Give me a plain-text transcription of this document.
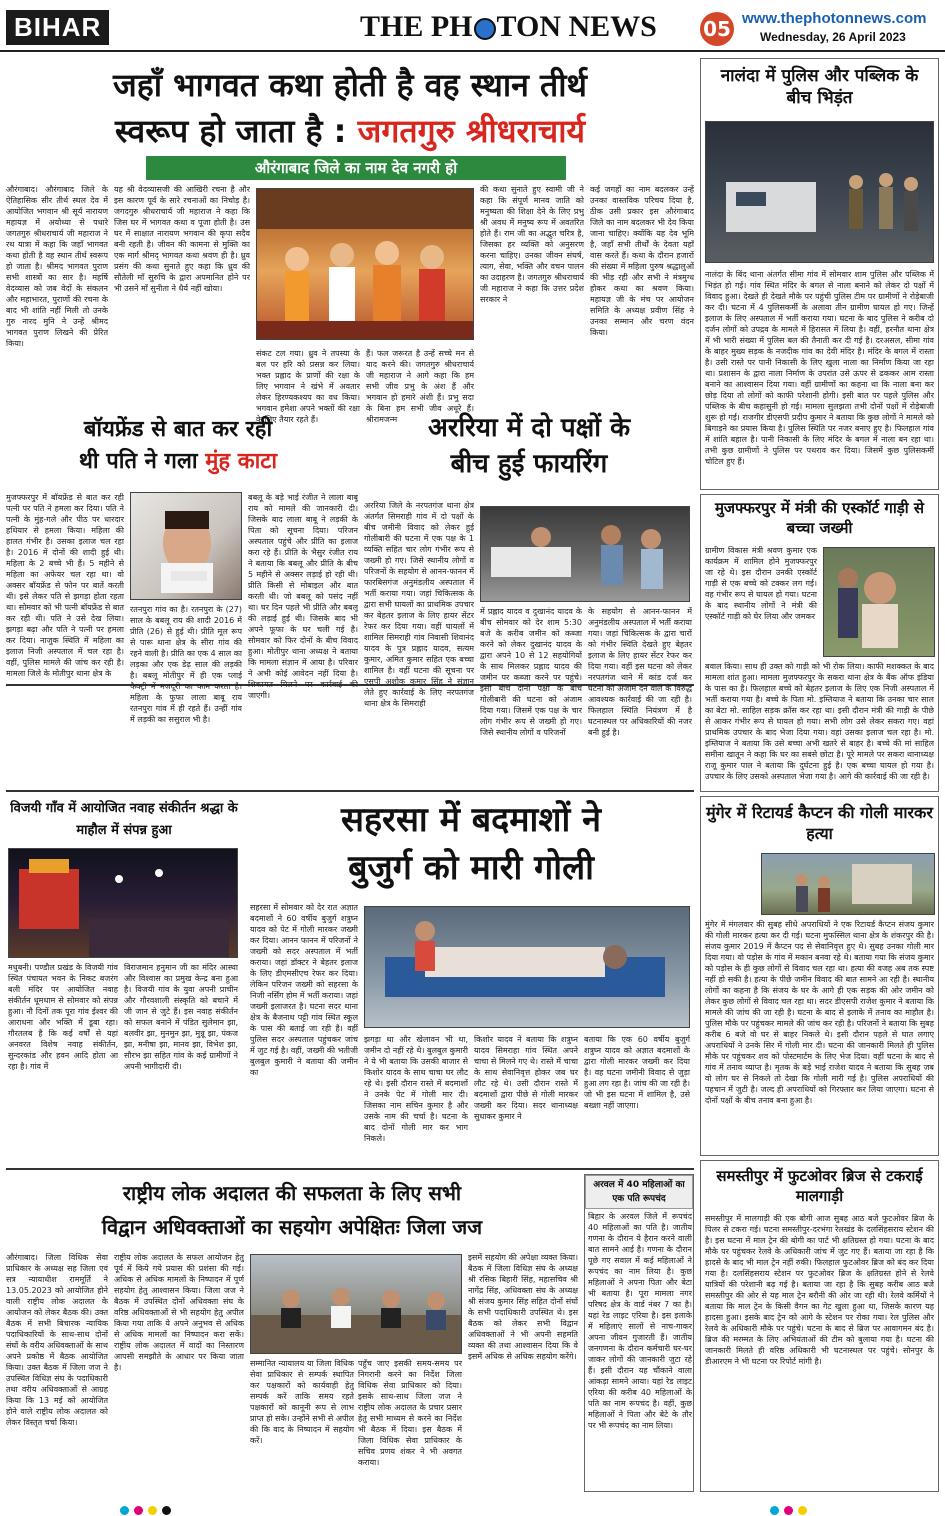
BIHAR	THE PH TON NEWS 05 www.thephotonnews.com
Wednesday, 26 April 2023
जहाँ भागवत कथा होती है वह स्थान तीर्थ
स्वरूप हो जाता है : जगतगुरु श्रीधराचार्य
औरंगाबाद जिले का नाम देव नगरी हो
औरंगाबाद। औरंगाबाद जिले के ऐतिहासिक सीर तीर्थ स्थल देव में आयोजित भगवान श्री सूर्य नारायण महायज्ञ में अयोध्या से पधारे जगतगुरु श्रीधराचार्य जी महाराज ने रथ यात्रा में कहा कि जहाँ भागवत कथा होती है वह स्थान तीर्थ स्वरूप हो जाता है। श्रीमद भागवत पुराण सभी शास्त्रों का सार है। महर्षि वेदव्यास को जब वेदों के संकलन और महाभारत, पुराणों की रचना के बाद भी शांति नहीं मिली तो उनके गुरु नारद मुनि ने उन्हें श्रीमद भागवत पुराण लिखने की प्रेरित किया।
यह श्री वेदव्यासजी की आखिरी रचना है और इस कारण पूर्व के सारे रचनाओं का निचोड़ है। जगदगुरु श्रीधराचार्य जी महाराज ने कहा कि जिस घर में भागवत कथा व पूजा होती है। उस घर में साक्षात नारायण भगवान की कृपा सदैव बनी रहती है। जीवन की कामना से मुक्ति का एक मार्ग श्रीमद् भागवत कथा श्रवण ही है। ध्रुव प्रसंग की कथा सुनाते हुए कहा कि ध्रुव की सौतेली माँ सुरुचि के द्वारा अपमानित होने पर भी उसने माँ सुनीता ने धैर्य नहीं खोया।
संकट टल गया। ध्रुव ने तपस्या के बल पर हरि को प्रसन्न कर लिया। भक्त प्रह्लाद के प्राणों की रक्षा के लिए भगवान ने खंभे में अवतार लेकर हिरण्यकश्यप का वध किया। भगवान हमेशा अपने भक्तों की रक्षा के लिए तैयार रहते हैं।
हैं। फल जरूरत है उन्हें सच्चे मन से याद करने की। जगतगुरु श्रीधराचार्य जी महाराज ने आगे कहा कि हम सभी जीव प्रभु के अंश हैं और भगवान हो हमारे अंशी हैं। प्रभु सदा के बिना हम सभी जीव अधूरे हैं। श्रीरामजन्म
की कथा सुनाते हुए स्वामी जी ने कहा कि संपूर्ण मानव जाति को मनुष्यता की शिक्षा देने के लिए प्रभु श्री अवध में मनुष्य रूप में अवतरित होते हैं। राम जी का अद्भुत चरित्र है, जिसका हर व्यक्ति को अनुसरण करना चाहिए। उनका जीवन संघर्ष, त्याग, सेवा, भक्ति और वचन पालन का उदाहरण है। जगतगुरु श्रीधराचार्य जी महाराज ने कहा कि उत्तर प्रदेश सरकार ने
कई जगहों का नाम बदलकर उन्हें उनका वास्तविक परिचय दिया है, ठीक उसी प्रकार इस औरंगाबाद जिले का नाम बदलकर भी देव किया जाना चाहिए। क्योंकि यह देव भूमि है, जहाँ सभी तीर्थों के देवता यहाँ वास करते हैं। कथा के दौरान हजारों की संख्या में महिला पुरुष श्रद्धालुओं की भीड़ रही और सभी ने मंत्रमुग्ध होकर कथा का श्रवण किया। महायज्ञ जी के मंच पर आयोजन समिति के अध्यक्ष प्रवीण सिंह ने उनका सम्मान और चरण वंदन किया।
नालंदा में पुलिस और पब्लिक के बीच भिड़ंत
नालंदा के बिंद थाना अंतर्गत सीमा गांव में सोमवार शाम पुलिस और पब्लिक में भिड़ंत हो गई। गांव स्थित मंदिर के बगल से नाला बनाने को लेकर दो पक्षों में विवाद हुआ। देखते ही देखते मौके पर पहुंची पुलिस टीम पर ग्रामीणों ने रोड़ेबाजी कर दी। घटना में 4 पुलिसकर्मी के अलावा तीन ग्रामीण घायल हो गए। जिन्हें इलाज के लिए अस्पताल में भर्ती कराया गया। घटना के बाद पुलिस ने करीब दो दर्जन लोगों को उपद्रव के मामले में हिरासत में लिया है। वहीं, हरनौत थाना क्षेत्र में भी भारी संख्या में पुलिस बल की तैनाती कर दी गई है। दरअसल, सीमा गांव के बाहर मुख्य सड़क के नजदीक गांव का देवी मंदिर है। मंदिर के बगल में रास्ता है। उसी रास्ते पर पानी निकासी के लिए खुला नाला का निर्माण किया जा रहा था। प्रशासन के द्वारा नाला निर्माण के उपरांत उसे ऊपर से ढककर आम रास्ता बनाने का आश्वासन दिया गया। वहीं ग्रामीणों का कहना था कि नाला बना कर छोड़ दिया तो लोगों को काफी परेशानी होगी। इसी बात पर पहले पुलिस और पब्लिक के बीच कहासुनी हो गई। मामला सुलझता तभी दोनों पक्षों में रोड़ेबाजी शुरू हो गई। राजगीर डीएसपी प्रदीप कुमार ने बताया कि कुछ लोगों ने मामले को बिगाड़ने का प्रयास किया है। पुलिस स्थिति पर नजर बनाए हुए है। फिलहाल गांव में शांति बहाल है। पानी निकासी के लिए मंदिर के बगल में नाला बन रहा था। तभी कुछ ग्रामीणों ने पुलिस पर पथराव कर दिया। जिसमें कुछ पुलिसकर्मी चोटिल हुए हैं।
बॉयफ्रेंड से बात कर रही
थी पति ने गला मुंह काटा
मुजफ्फरपुर में बॉयफ्रेंड से बात कर रही पत्नी पर पति ने हमला कर दिया। पति ने पत्नी के मुंह-गले और पीठ पर धारदार हथियार से हमला किया। महिला की हालत गंभीर है। उसका इलाज चल रहा है। 2016 में दोनों की शादी हुई थी। महिला के 2 बच्चे भी हैं। 5 महीने से महिला का अफेयर चल रहा था। वो अक्सर बॉयफ्रेंड से फोन पर बातें करती थी। इसे लेकर पति से झगड़ा होता रहता था। सोमवार को भी पत्नी बॉयफ्रेंड से बात कर रही थी। पति ने उसे देख लिया। झगड़ा बढ़ा और पति ने पत्नी पर हमला कर दिया। नाजुक स्थिति में महिला का इलाज निजी अस्पताल में चल रहा है। वहीं, पुलिस मामले की जांच कर रही है। मामला जिले के मोतीपुर थाना क्षेत्र के
रतनपुरा गांव का है। रतनपुरा के (27) साल के बबलू राय की शादी 2016 में प्रीति (26) से हुई थी। प्रीति मूल रूप से पारू थाना क्षेत्र के सीरा गांव की रहने वाली है। प्रीति का एक 4 साल का लड़का और एक डेढ़ साल की लड़की है। बबलू मोतीपुर में ही एक प्लाई फैक्ट्री में मजदूरी का काम करता है। महिला के फुफा लाला बाबू राय रतनपुरा गांव में ही रहते हैं। उन्हीं गांव में लड़की का ससुराल भी है।
बबलू के बड़े भाई रंजीत ने लाला बाबू राय को मामले की जानकारी दी। जिसके बाद लाला बाबू ने लड़की के पिता को सूचना दिया। परिजन अस्पताल पहुंचे और प्रीति का इलाज करा रहे हैं। प्रीति के भैसुर रंजीत राय ने बताया कि बबलू और प्रीति के बीच 5 महीने से अक्सर लड़ाई हो रही थी। प्रीति किसी से मोबाइल और बात करती थी। जो बबलू को पसंद नहीं था। घर दिन पहले भी प्रीति और बबलू की लड़ाई हुई थी। जिसके बाद भी अपने फूफा के घर चली गई है। सोमवार को फिर दोनों के बीच विवाद हुआ। मोतीपुर थाना अध्यक्ष ने बताया कि मामला संज्ञान में आया है। परिवार ने अभी कोई आवेदन नहीं दिया है। शिकायत मिलने पर कार्रवाई की जाएगी।
अररिया में दो पक्षों के
बीच हुई फायरिंग
अररिया जिले के नरपतगंज थाना क्षेत्र अंतर्गत सिमराही गांव में दो पक्षों के बीच जमीनी विवाद को लेकर हुई गोलीबारी की घटना में एक पक्ष के 1 व्यक्ति सहित चार लोग गंभीर रूप से जख्मी हो गए। जिसे स्थानीय लोगों व परिजनों के सहयोग से आनन-फानन में फारबिसगंज अनुमंडलीय अस्पताल में भर्ती कराया गया। जहां चिकित्सक के द्वारा सभी घायलों का प्राथमिक उपचार कर बेहतर इलाज के लिए हायर सेंटर रेफर कर दिया गया। वहीं घायलों में शामिल सिमराही गांव निवासी शिवानंद यादव के पुत्र प्रह्लाद यादव, सत्यम कुमार, अमित कुमार सहित एक बच्चा शामिल है। वहीं घटना की सूचना पर एसपी अशोक कुमार सिंह ने संज्ञान लेते हुए कार्रवाई के लिए नरपतगंज थाना क्षेत्र के सिमराही
में प्रह्लाद यादव व दुखानंद यादव के बीच सोमवार को देर शाम 5:30 बजे के करीब जमीन को कब्जा करने को लेकर दुखानंद यादव के द्वारा अपने 10 से 12 सहयोगियों के साथ मिलकर प्रह्लाद यादव की जमीन पर कब्जा करने पर पहुंचे। इसी बीच दोनों पक्षों के बीच गोलीबारी की घटना को अंजाम दिया गया। जिसमें एक पक्ष के चार लोग गंभीर रूप से जख्मी हो गए। जिसे स्थानीय लोगों व परिजनों
के सहयोग से आनन-फानन में अनुमंडलीय अस्पताल में भर्ती कराया गया। जहां चिकित्सक के द्वारा चारों को गंभीर स्थिति देखते हुए बेहतर इलाज के लिए हायर सेंटर रेफर कर दिया गया। वहीं इस घटना को लेकर नरपतगंज थाने में कांड दर्ज कर घटना को अंजाम देने वाले के विरुद्ध आवश्यक कार्रवाई की जा रही है। फिलहाल स्थिति नियंत्रण में है घटनास्थल पर अधिकारियों की नजर बनी हुई है।
मुजफ्फरपुर में मंत्री की एस्कॉर्ट गाड़ी से बच्चा जख्मी
ग्रामीण विकास मंत्री श्रवण कुमार एक कार्यक्रम में शामिल होने मुजफ्फरपुर जा रहे थे। इस दौरान उनकी एस्कॉर्ट गाड़ी से एक बच्चे को टक्कर लग गई। वह गंभीर रूप से घायल हो गया। घटना के बाद स्थानीय लोगों ने मंत्री की एस्कॉर्ट गाड़ी को घेर लिया और जमकर
बवाल किया। साथ ही उक्त को गाड़ी को भी रोक लिया। काफी मशक्कत के बाद मामला शांत हुआ। मामला मुजफ्फरपुर के सकरा थाना क्षेत्र के बैंक ऑफ इंडिया के पास का है। फिलहाल बच्चे को बेहतर इलाज के लिए एक निजी अस्पताल में भर्ती कराया गया है। बच्चे के पिता मो. इम्तियाज ने बताया कि उनका चार साल का बेटा मो. साहिल सड़क क्रॉस कर रहा था। इसी दौरान मंत्री की गाड़ी के पीछे से आकर गंभीर रूप से घायल हो गया। सभी लोग उसे लेकर सकरा गए। वहां प्राथमिक उपचार के बाद भेजा दिया गया। वहां उसका इलाज चल रहा है। मो. इम्तियाज ने बताया कि उसे बच्चा अभी खतरे से बाहर है। बच्चे की मां साहिल समीना खातून ने कहा कि घर का सबसे छोटा है। पूरे मामले पर सकरा थानाध्यक्ष राजू कुमार पाल ने बताया कि दुर्घटना हुई है। एक बच्चा घायल हो गया है। उपचार के लिए उसको अस्पताल भेजा गया है। आगे की कार्रवाई की जा रही है।
मुंगेर में रिटायर्ड कैप्टन की गोली मारकर हत्या
मुंगेर में मंगलवार की सुबह सीधे अपराधियों ने एक रिटायर्ड कैप्टन संजय कुमार की गोली मारकर हत्या कर दी गई। घटना मुफस्सिल थाना क्षेत्र के शंकरपुर की है। संजय कुमार 2019 में कैप्टन पद से सेवानिवृत्त हुए थे। सुबह उनका गोली मार दिया गया। वो पड़ोस के गांव में मकान बनवा रहे थे। बताया गया कि संजय कुमार को पड़ोस के ही कुछ लोगों से विवाद चल रहा था। हत्या की वजह अब तक स्पष्ट नहीं हो सकी है। हत्या के पीछे जमीन विवाद की बात सामने आ रही है। स्थानीय लोगों का कहना है कि संजय के घर के आगे ही एक सड़क की ओर जमीन को लेकर कुछ लोगों से विवाद चल रहा था। सदर डीएसपी राजेश कुमार ने बताया कि मामले की जांच की जा रही है। घटना के बाद से इलाके में तनाव का माहौल है। पुलिस मौके पर पहुंचकर मामले की जांच कर रही है। परिजनों ने बताया कि सुबह करीब 6 बजे वो घर से बाहर निकले थे। इसी दौरान पहले से घात लगाए अपराधियों ने उनके सिर में गोली मार दी। घटना की जानकारी मिलते ही पुलिस मौके पर पहुंचकर शव को पोस्टमार्टम के लिए भेज दिया। वहीं घटना के बाद से गांव में तनाव व्याप्त है। मृतक के बड़े भाई राजेश यादव ने बताया कि सुबह जब वो लोग घर से निकले तो देखा कि गोली मारी गई है। पुलिस अपराधियों की पहचान में जुटी है। जल्द ही अपराधियों को गिरफ्तार कर लिया जाएगा। घटना से दोनों पक्षों के बीच तनाव बना हुआ है।
विजयी गाँव में आयोजित नवाह संकीर्तन श्रद्धा के माहौल में संपन्न हुआ
मधुबनी। पण्डौल प्रखंड के विजयी गांव स्थित पंचायत भवन के निकट बजरंग बली मंदिर पर आयोजित नवाह संकीर्तन धूमधाम से सोमवार को संपन्न हुआ। नौ दिनों तक पूरा गांव ईश्वर की आराधना और भक्ति में डूबा रहा। गौरतलब है कि कई वर्षों से यहां अनवरत विशेष नवाह संकीर्तन, सुन्दरकांड और हवन आदि होता आ रहा है। गांव में
विराजमान हनुमान जी का मंदिर आस्था और विश्वास का प्रमुख केन्द्र बना हुआ है। विजयी गांव के युवा अपनी प्राचीन और गौरवशाली संस्कृति को बचाने में जी जान से जुटे हैं। इस नवाह संकीर्तन को सफल बनाने में पंडित सुलेमान झा, बलवीर झा, मुनमुन झा, मुन्नू झा, पंकज झा, मनीषा झा, मानव झा, विभेश झा, सौरभ झा सहित गांव के कई ग्रामीणों ने अपनी भागीदारी दी।
सहरसा में बदमाशों ने
बुजुर्ग को मारी गोली
सहरसा में सोमवार को देर रात अज्ञात बदमाशों ने 60 वर्षीय बुजुर्ग शत्रुघ्न यादव को पेट में गोली मारकर जख्मी कर दिया। आनन फानन में परिजनों ने जख्मी को सदर अस्पताल में भर्ती कराया। जहां डॉक्टर ने बेहतर इलाज के लिए डीएमसीएच रेफर कर दिया। लेकिन परिजन जख्मी को सहरसा के निजी नर्सिंग होम में भर्ती कराया। जहां जख्मी इलाजरत है। घटना सदर थाना क्षेत्र के बैजनाथ पट्टी गांव स्थित स्कूल के पास की बताई जा रही है। वहीं पुलिस सदर अस्पताल पहुंचकर जांच में जुट गई है। वहीं, जख्मी की भतीजी बुलबुल कुमारी ने बताया की जमीन का
झगड़ा था और खेलावन भी था, जमीन दो नहीं रहे थे। बुलबुल कुमारी ने ये भी बताया कि उसकी बाजार से किशोर यादव के साथ चाचा घर लौट रहे थे। इसी दौरान रास्ते में बदमाशों ने उनके पेट में गोली मार दी। जिसका नाम सचिन कुमार है और उसके नाम की चर्चा है। घटना के बाद दोनों गोली मार कर भाग निकले।
किशोर यादव ने बताया कि शत्रुघ्न यादव सिमराहा गांव स्थित अपने चाचा से मिलने गए थे। रास्ते में चाचा के साथ सेवानिवृत्त होकर जब घर लौट रहे थे। उसी दौरान रास्ते में बदमाशों द्वारा पीछे से गोली मारकर जख्मी कर दिया। सदर थानाध्यक्ष सुधाकर कुमार ने
बताया कि एक 60 वर्षीय बुजुर्ग शत्रुघ्न यादव को अज्ञात बदमाशों के द्वारा गोली मारकर जख्मी कर दिया है। वह घटना जमीनी विवाद से जुड़ा हुआ लग रहा है। जांच की जा रही है। जो भी इस घटना में शामिल है, उसे बख्शा नहीं जाएगा।
राष्ट्रीय लोक अदालत की सफलता के लिए सभी
विद्वान अधिवक्ताओं का सहयोग अपेक्षितः जिला जज
औरंगाबाद। जिला विधिक सेवा प्राधिकार के अध्यक्ष सह जिला एवं सत्र न्यायाधीश राममूर्ति ने 13.05.2023 को आयोजित होने वाली राष्ट्रीय लोक अदालत के आयोजन को लेकर बैठक की। उक्त बैठक में सभी बिचारक न्यायिक पदाधिकारियों के साथ-साथ दोनों संघों के वरीय अधिवक्ताओं के साथ अपने प्रकोष्ठ में बैठक आयोजित किया। उक्त बैठक में जिला जज ने उपस्थित विधिज्ञ संघ के पदाधिकारी तथा वरीय अधिवक्ताओं से आग्रह किया कि 13 मई को आयोजित होने वाले राष्ट्रीय लोक अदालत को लेकर विस्तृत चर्चा किया।
राष्ट्रीय लोक अदालत के सफल आयोजन हेतु पूर्व में किये गये प्रयास की प्रशंसा की गई। अधिक से अधिक मामलों के निष्पादन में पूर्ण सहयोग हेतु आश्वासन किया। जिला जज ने बैठक में उपस्थित दोनों अधिवक्ता संघ के वरिष्ठ अधिवक्ताओं से भी सहयोग हेतु अपील किया गया ताकि ये अपने अनुभव से अधिक से अधिक मामलों का निष्पादन करा सकें। राष्ट्रीय लोक अदालत में वादों का निस्तारण आपसी समझौते के आधार पर किया जाता है।	सम्मानित न्यायालय या जिला विधिक सेवा प्राधिकार से सम्पर्क स्थापित कर पक्षकारों को कार्यवाही हेतु सम्पर्क करें ताकि समय रहते पक्षकारों को कानूनी रूप से लाभ प्राप्त हो सके। उन्होंने सभी से अपील की कि वाद के निष्पादन में सहयोग करें।
पहुँच जाए इसकी समय-समय पर निगरानी करने का निर्देश जिला विधिक सेवा प्राधिकार को दिया। इसके साथ-साथ जिला जज ने राष्ट्रीय लोक अदालत के प्रचार प्रसार हेतु सभी माध्यम से करने का निर्देश भी बैठक में दिया। इस बैठक में जिला विधिक सेवा प्राधिकार के सचिव प्रणय शंकर ने भी अवगत कराया।
इसमें सहयोग की अपेक्षा व्यक्त किया। बैठक में जिला विधिज्ञ संघ के अध्यक्ष श्री रसिक बिहारी सिंह, महासचिव श्री नागेंद्र सिंह, अधिवक्ता संघ के अध्यक्ष श्री संजय कुमार सिंह सहित दोनों संघों के सभी पदाधिकारी उपस्थित थे। इस बैठक को लेकर सभी विद्वान अधिवक्ताओं ने भी अपनी सहमति व्यक्त की तथा आश्वासन दिया कि वे इसमें अधिक से अधिक सहयोग करेंगे।
अरवल में 40 महिलाओं का एक पति रूपचंद
बिहार के अरवल जिले में रूपचंद 40 महिलाओं का पति है। जातीय गणना के दौरान ये हैरान करने वाली बात सामने आई है। गणना के दौरान पूछे गए सवाल में कई महिलाओं ने रूपचंद का नाम लिया है। कुछ महिलाओं ने अपना पिता और बेटा भी बताया है। पूरा मामला नगर परिषद क्षेत्र के वार्ड नंबर 7 का है। यहां रेड लाइट एरिया है। इस इलाके में महिलाएं सालों से नाच-गाकर अपना जीवन गुजारती हैं। जातीय जनगणना के दौरान कर्मचारी घर-घर जाकर लोगों की जानकारी जुटा रहे हैं। इसी दौरान यह चौंकाने वाला आंकड़ा सामने आया। यहां रेड लाइट एरिया की करीब 40 महिलाओं के पति का नाम रूपचंद है। वहीं, कुछ महिलाओं ने पिता और बेटे के तौर पर भी रूपचंद का नाम लिया।
समस्तीपुर में फुटओवर ब्रिज से टकराई मालगाड़ी
समस्तीपुर में मालगाड़ी की एक बोगी आज सुबह आठ बजे फुटओवर ब्रिज के पिलर से टकरा गई। घटना समस्तीपुर-दरभंगा रेलखंड के दलसिंहसराय स्टेशन की है। इस घटना में माल ट्रेन की बोगी का पार्ट भी क्षतिग्रस्त हो गया। घटना के बाद मौके पर पहुंचकर रेलवे के अधिकारी जांच में जुट गए हैं। बताया जा रहा है कि हादसे के बाद भी माल ट्रेन नहीं रुकी। फिलहाल फुटओवर ब्रिज को बंद कर दिया गया है। दलसिंहसराय स्टेशन पर फुटओवर ब्रिज के क्षतिग्रस्त होने से रेलवे यात्रियों की परेशानी बढ़ गई है। बताया जा रहा है कि सुबह करीब आठ बजे समस्तीपुर की ओर से यह माल ट्रेन बरौनी की ओर जा रही थी। रेलवे कर्मियों ने बताया कि माल ट्रेन के किसी वैगन का गेट खुला हुआ था, जिसके कारण यह हादसा हुआ। इसके बाद ट्रेन को आगे के स्टेशन पर रोका गया। रेल पुलिस और रेलवे के अधिकारी मौके पर पहुंचे। घटना के बाद से ब्रिज पर आवागमन बंद है। ब्रिज की मरम्मत के लिए अभियंताओं की टीम को बुलाया गया है। घटना की जानकारी मिलते ही वरिष्ठ अधिकारी भी घटनास्थल पर पहुंचे। सोनपुर के डीआरएम ने भी घटना पर रिपोर्ट मांगी है।
